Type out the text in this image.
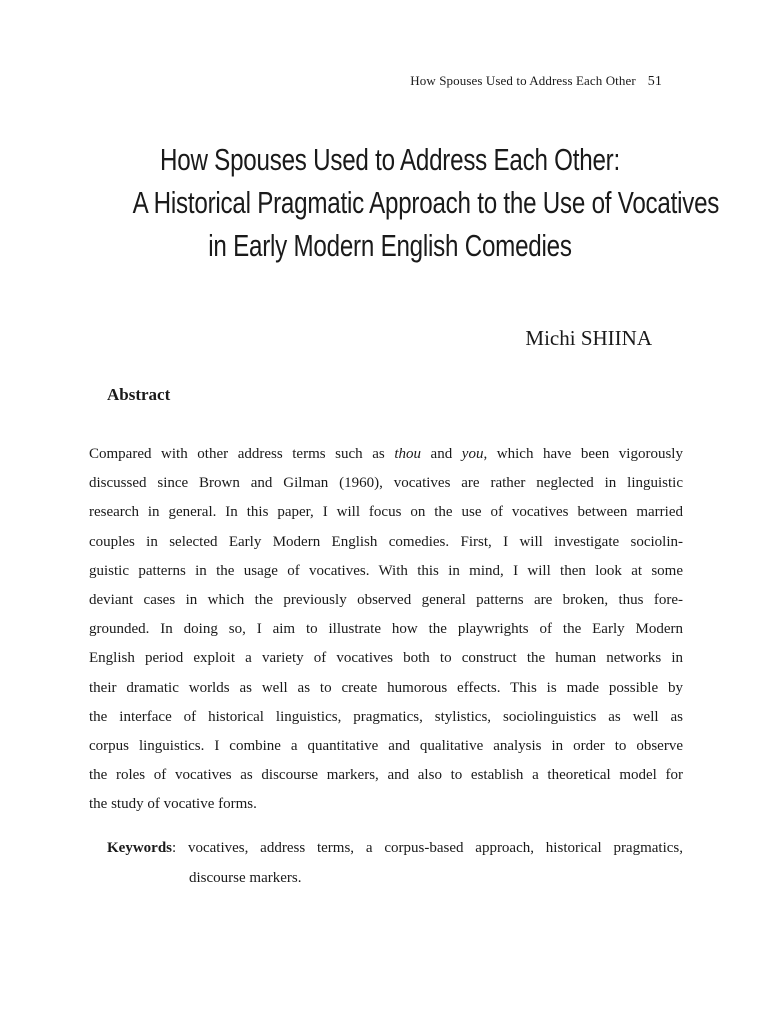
How Spouses Used to Address Each Other 51
How Spouses Used to Address Each Other:
A Historical Pragmatic Approach to the Use of Vocatives
in Early Modern English Comedies
Michi SHIINA
Abstract
Compared with other address terms such as thou and you, which have been vigorously
discussed since Brown and Gilman (1960), vocatives are rather neglected in linguistic
research in general. In this paper, I will focus on the use of vocatives between married
couples in selected Early Modern English comedies. First, I will investigate sociolin-
guistic patterns in the usage of vocatives. With this in mind, I will then look at some
deviant cases in which the previously observed general patterns are broken, thus fore-
grounded. In doing so, I aim to illustrate how the playwrights of the Early Modern
English period exploit a variety of vocatives both to construct the human networks in
their dramatic worlds as well as to create humorous effects. This is made possible by
the interface of historical linguistics, pragmatics, stylistics, sociolinguistics as well as
corpus linguistics. I combine a quantitative and qualitative analysis in order to observe
the roles of vocatives as discourse markers, and also to establish a theoretical model for
the study of vocative forms.
Keywords: vocatives, address terms, a corpus-based approach, historical pragmatics,
discourse markers.
